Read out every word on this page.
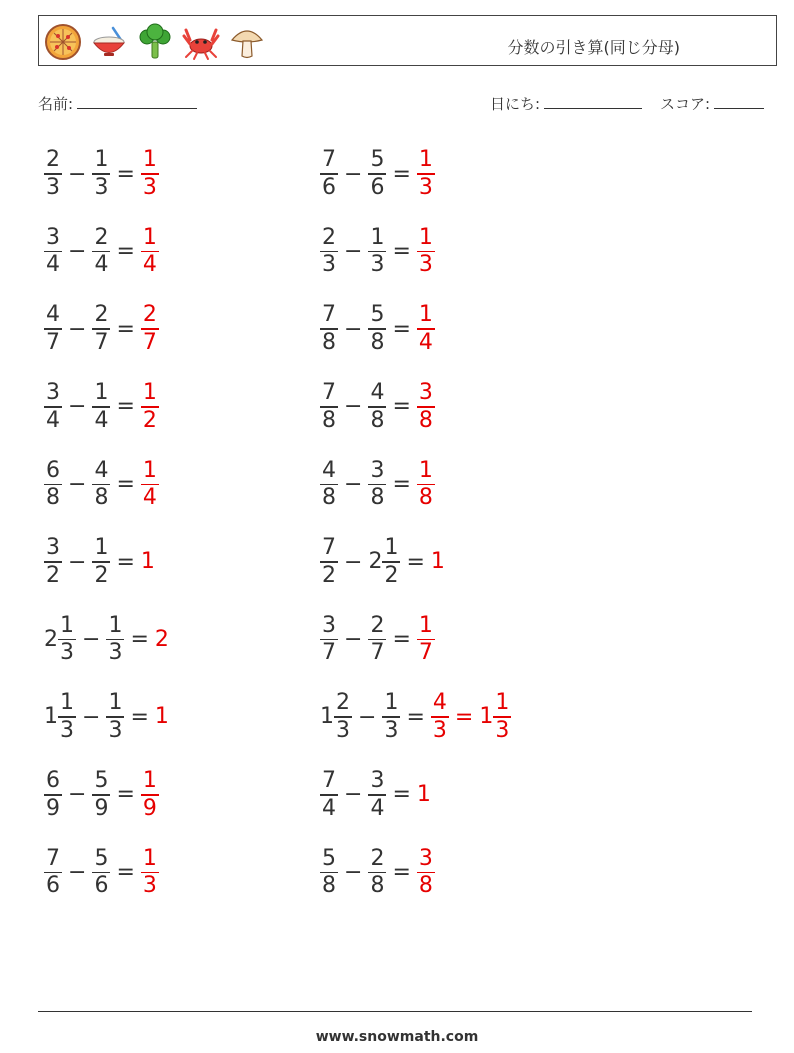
分数の引き算(同じ分母)
名前:	日にち:	スコア:
$\frac{2}{3} - \frac{1}{3} = \frac{1}{3}$
$\frac{3}{4} - \frac{2}{4} = \frac{1}{4}$
$\frac{4}{7} - \frac{2}{7} = \frac{2}{7}$
$\frac{3}{4} - \frac{1}{4} = \frac{1}{2}$
$\frac{6}{8} - \frac{4}{8} = \frac{1}{4}$
$\frac{3}{2} - \frac{1}{2} = 1$
$2 \frac{1}{3} - \frac{1}{3} = 2$
$1 \frac{1}{3} - \frac{1}{3} = 1$
$\frac{6}{9} - \frac{5}{9} = \frac{1}{9}$
$\frac{7}{6} - \frac{5}{6} = \frac{1}{3}$
$\frac{7}{6} - \frac{5}{6} = \frac{1}{3}$
$\frac{2}{3} - \frac{1}{3} = \frac{1}{3}$
$\frac{7}{8} - \frac{5}{8} = \frac{1}{4}$
$\frac{7}{8} - \frac{4}{8} = \frac{3}{8}$
$\frac{4}{8} - \frac{3}{8} = \frac{1}{8}$
$\frac{7}{2} - 2 \frac{1}{2} = 1$
$\frac{3}{7} - \frac{2}{7} = \frac{1}{7}$
$1 \frac{2}{3} - \frac{1}{3} = \frac{4}{3} = 1 \frac{1}{3}$
$\frac{7}{4} - \frac{3}{4} = 1$
$\frac{5}{8} - \frac{2}{8} = \frac{3}{8}$
www.snowmath.com
